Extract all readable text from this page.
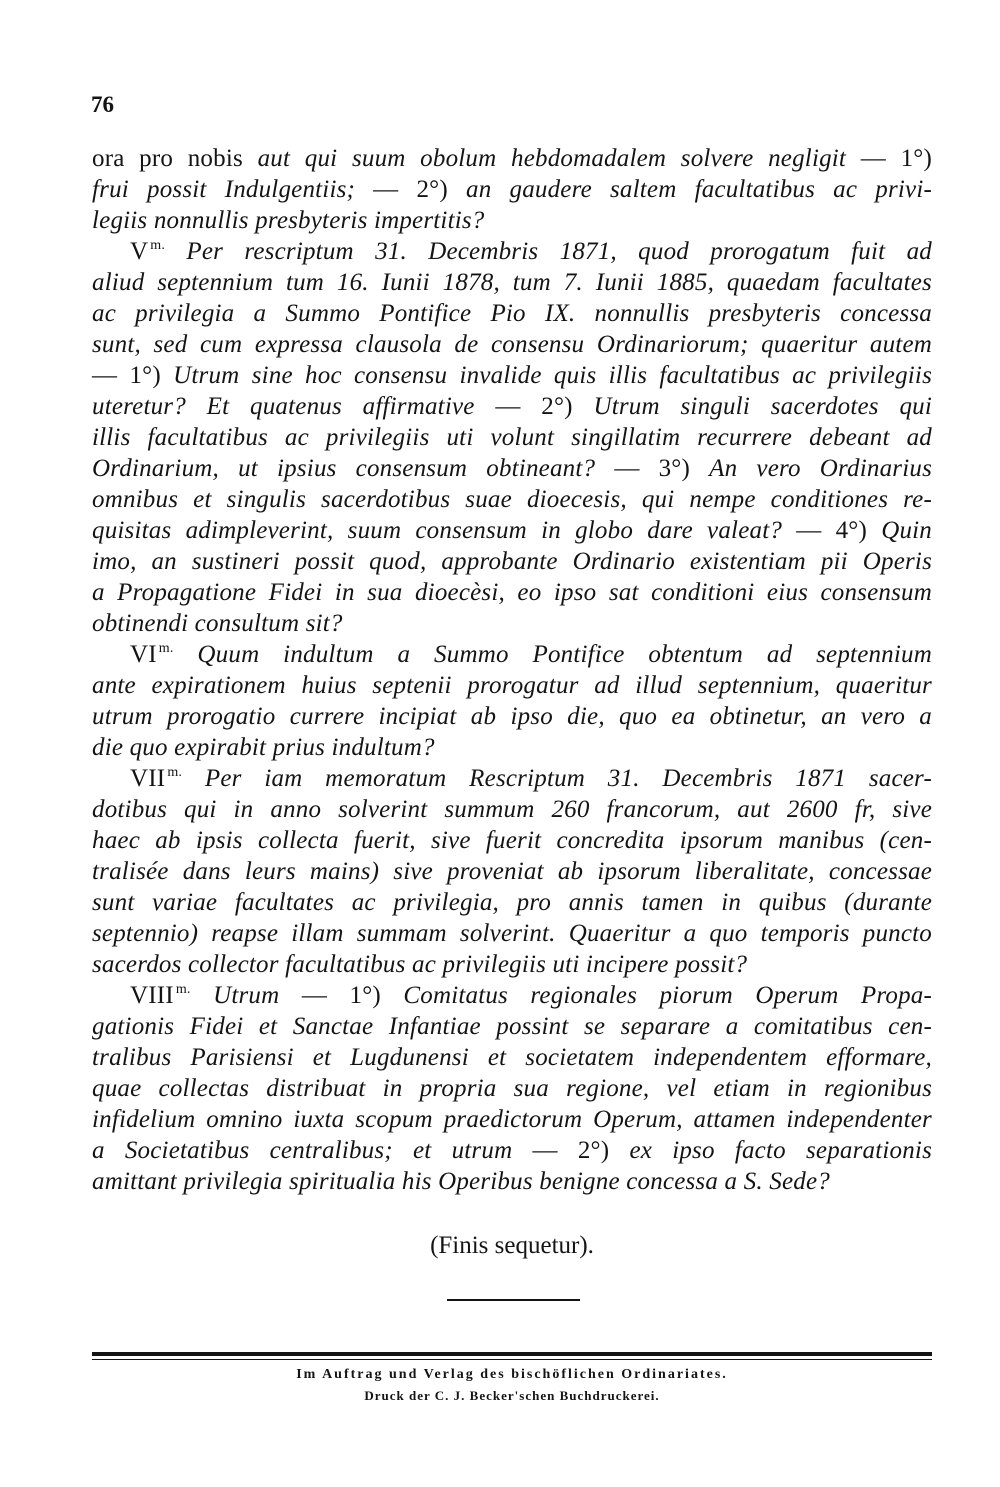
76
ora pro nobis aut qui suum obolum hebdomadalem solvere negligit — 1°)
frui possit Indulgentiis; — 2°) an gaudere saltem facultatibus ac privi-
legiis nonnullis presbyteris impertitis?
V $^{m.}$ Per rescriptum 31. Decembris 1871, quod prorogatum fuit ad
aliud septennium tum 16. Iunii 1878, tum 7. Iunii 1885, quaedam facultates
ac privilegia a Summo Pontifice Pio IX. nonnullis presbyteris concessa
sunt, sed cum expressa clausola de consensu Ordinariorum; quaeritur autem
— 1°) Utrum sine hoc consensu invalide quis illis facultatibus ac privilegiis
uteretur? Et quatenus affirmative — 2°) Utrum singuli sacerdotes qui
illis facultatibus ac privilegiis uti volunt singillatim recurrere debeant ad
Ordinarium, ut ipsius consensum obtineant? — 3°) An vero Ordinarius
omnibus et singulis sacerdotibus suae dioecesis, qui nempe conditiones re-
quisitas adimpleverint, suum consensum in globo dare valeat? — 4°) Quin
imo, an sustineri possit quod, approbante Ordinario existentiam pii Operis
a Propagatione Fidei in sua dioecèsi, eo ipso sat conditioni eius consensum
obtinendi consultum sit?
VI $^{m.}$ Quum indultum a Summo Pontifice obtentum ad septennium
ante expirationem huius septenii prorogatur ad illud septennium, quaeritur
utrum prorogatio currere incipiat ab ipso die, quo ea obtinetur, an vero a
die quo expirabit prius indultum?
VII $^{m.}$ Per iam memoratum Rescriptum 31. Decembris 1871 sacer-
dotibus qui in anno solverint summum 260 francorum, aut 2600 fr, sive
haec ab ipsis collecta fuerit, sive fuerit concredita ipsorum manibus (cen-
tralisée dans leurs mains) sive proveniat ab ipsorum liberalitate, concessae
sunt variae facultates ac privilegia, pro annis tamen in quibus (durante
septennio) reapse illam summam solverint. Quaeritur a quo temporis puncto
sacerdos collector facultatibus ac privilegiis uti incipere possit?
VIII $^{m.}$ Utrum — 1°) Comitatus regionales piorum Operum Propa-
gationis Fidei et Sanctae Infantiae possint se separare a comitatibus cen-
tralibus Parisiensi et Lugdunensi et societatem independentem efformare,
quae collectas distribuat in propria sua regione, vel etiam in regionibus
infidelium omnino iuxta scopum praedictorum Operum, attamen independenter
a Societatibus centralibus; et utrum — 2°) ex ipso facto separationis
amittant privilegia spiritualia his Operibus benigne concessa a S. Sede?
(Finis sequetur).
Im Auftrag und Verlag des bischöflichen Ordinariates.
Druck der C. J. Becker'schen Buchdruckerei.
